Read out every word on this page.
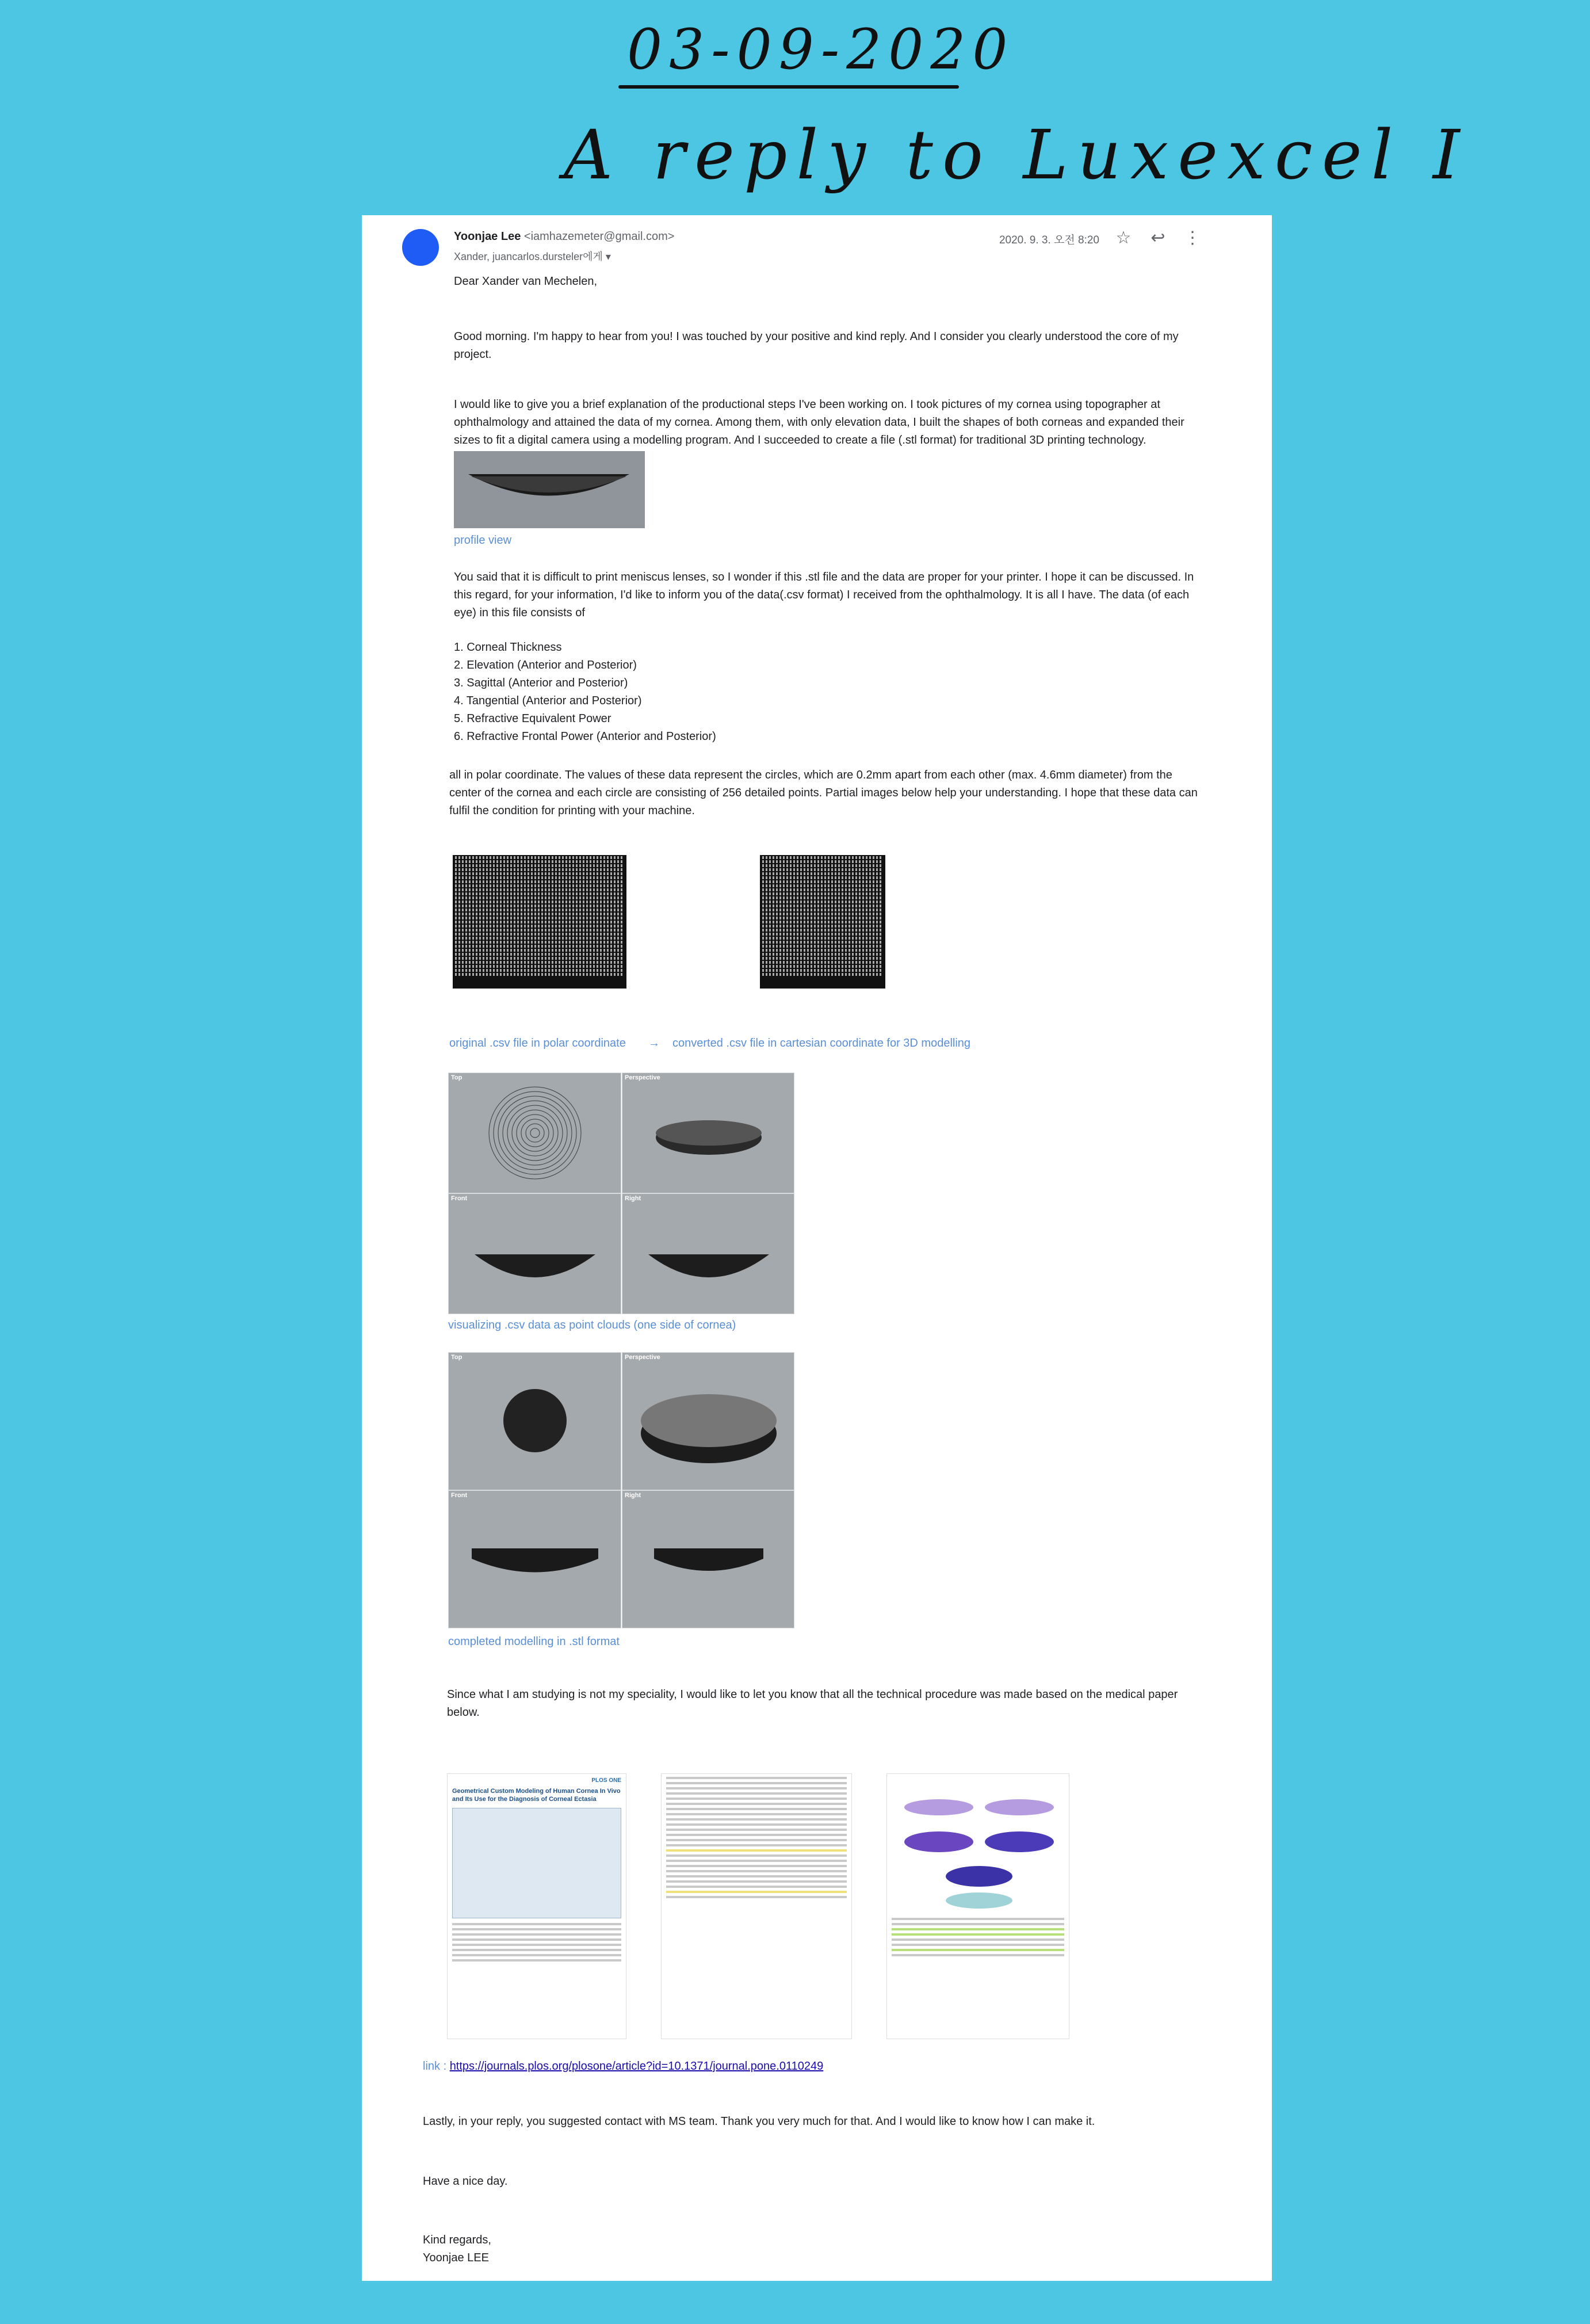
03-09-2020
A reply to Luxexcel I
Yoonjae Lee <iamhazemeter@gmail.com>
Xander, juancarlos.dursteler에게 ▾
2020. 9. 3. 오전 8:20 ☆ ↩ ⋮
Dear Xander van Mechelen,
Good morning. I'm happy to hear from you! I was touched by your positive and kind reply. And I consider you clearly understood the core of my project.
I would like to give you a brief explanation of the productional steps I've been working on. I took pictures of my cornea using topographer at ophthalmology and attained the data of my cornea. Among them, with only elevation data, I built the shapes of both corneas and expanded their sizes to fit a digital camera using a modelling program. And I succeeded to create a file (.stl format) for traditional 3D printing technology.
profile view
You said that it is difficult to print meniscus lenses, so I wonder if this .stl file and the data are proper for your printer. I hope it can be discussed. In this regard, for your information, I'd like to inform you of the data(.csv format) I received from the ophthalmology. It is all I have. The data (of each eye) in this file consists of
1. Corneal Thickness
2. Elevation (Anterior and Posterior)
3. Sagittal (Anterior and Posterior)
4. Tangential (Anterior and Posterior)
5. Refractive Equivalent Power
6. Refractive Frontal Power (Anterior and Posterior)
all in polar coordinate. The values of these data represent the circles, which are 0.2mm apart from each other (max. 4.6mm diameter) from the center of the cornea and each circle are consisting of 256 detailed points. Partial images below help your understanding. I hope that these data can fulfil the condition for printing with your machine.
original .csv file in polar coordinate → converted .csv file in cartesian coordinate for 3D modelling
Top	Perspective
Front	Right
visualizing .csv data as point clouds (one side of cornea)
Top	Perspective
Front	Right
completed modelling in .stl format
Since what I am studying is not my speciality, I would like to let you know that all the technical procedure was made based on the medical paper below.
PLOS ONE
Geometrical Custom Modeling of Human Cornea In Vivo and Its Use for the Diagnosis of Corneal Ectasia
link : https://journals.plos.org/plosone/article?id=10.1371/journal.pone.0110249
Lastly, in your reply, you suggested contact with MS team. Thank you very much for that. And I would like to know how I can make it.
Have a nice day.
Kind regards,
Yoonjae LEE
